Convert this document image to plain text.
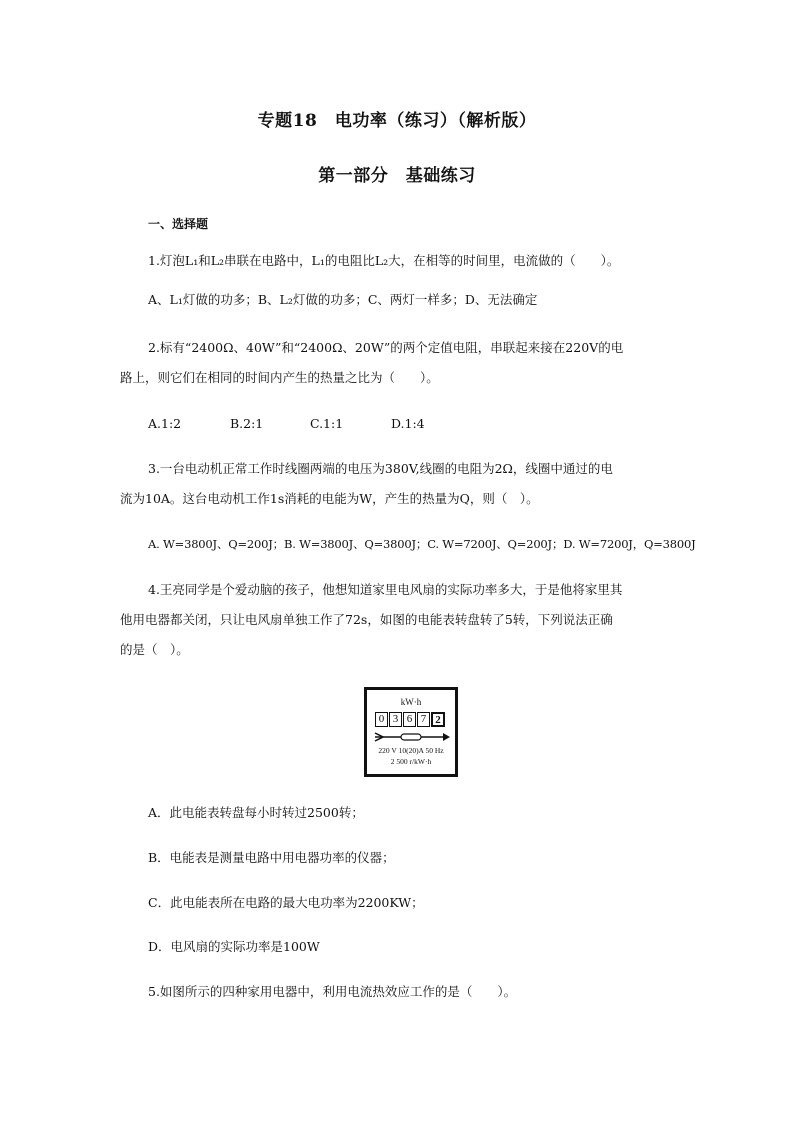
专题18　电功率（练习）（解析版）
第一部分　基础练习
一、选择题
1.灯泡L₁和L₂串联在电路中，L₁的电阻比L₂大，在相等的时间里，电流做的（　　）。
A、L₁灯做的功多；B、L₂灯做的功多；C、两灯一样多；D、无法确定
2.标有“2400Ω、40W”和“2400Ω、20W”的两个定值电阻，串联起来接在220V的电
路上，则它们在相同的时间内产生的热量之比为（　　）。
A.1:2	B.2:1	C.1:1	D.1:4
3.一台电动机正常工作时线圈两端的电压为380V,线圈的电阻为2Ω，线圈中通过的电
流为10A。这台电动机工作1s消耗的电能为W，产生的热量为Q，则（　）。
A. W=3800J、Q=200J；B. W=3800J、Q=3800J；C. W=7200J、Q=200J；D. W=7200J，Q=3800J
4.王亮同学是个爱动脑的孩子，他想知道家里电风扇的实际功率多大，于是他将家里其
他用电器都关闭，只让电风扇单独工作了72s，如图的电能表转盘转了5转，下列说法正确
的是（　）。
kW·h
0 3 6 7 2
220 V 10(20)A 50 Hz
2 500 r/kW·h
A．此电能表转盘每小时转过2500转；
B．电能表是测量电路中用电器功率的仪器；
C．此电能表所在电路的最大电功率为2200KW；
D．电风扇的实际功率是100W
5.如图所示的四种家用电器中，利用电流热效应工作的是（　　）。
